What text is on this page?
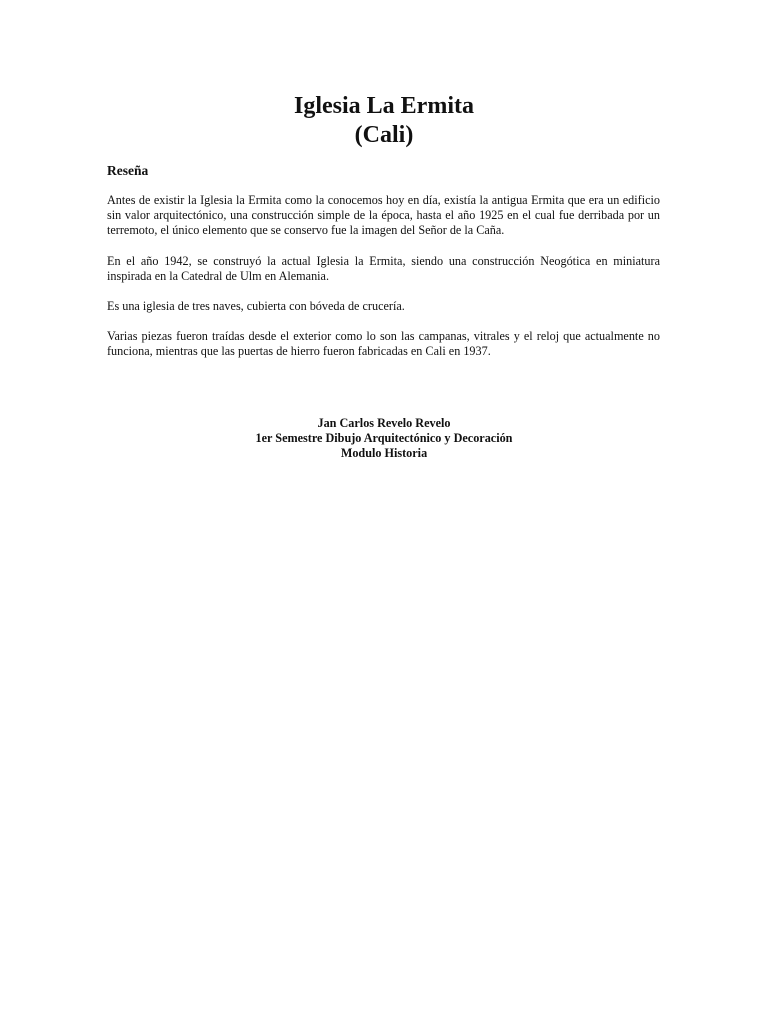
Iglesia La Ermita
(Cali)
Reseña

Antes de existir la Iglesia la Ermita como la conocemos hoy en día, existía la antigua Ermita que era un edificio sin valor arquitectónico, una construcción simple de la época, hasta el año 1925 en el cual fue derribada por un terremoto, el único elemento que se conservo fue la imagen del Señor de la Caña.

En el año 1942, se construyó la actual Iglesia la Ermita, siendo una construcción Neogótica en miniatura inspirada en la Catedral de Ulm en Alemania.

Es una iglesia de tres naves, cubierta con bóveda de crucería.

Varias piezas fueron traídas desde el exterior como lo son las campanas, vitrales y el reloj que actualmente no funciona, mientras que las puertas de hierro fueron fabricadas en Cali en 1937.

Jan Carlos Revelo Revelo
1er Semestre Dibujo Arquitectónico y Decoración
Modulo Historia
